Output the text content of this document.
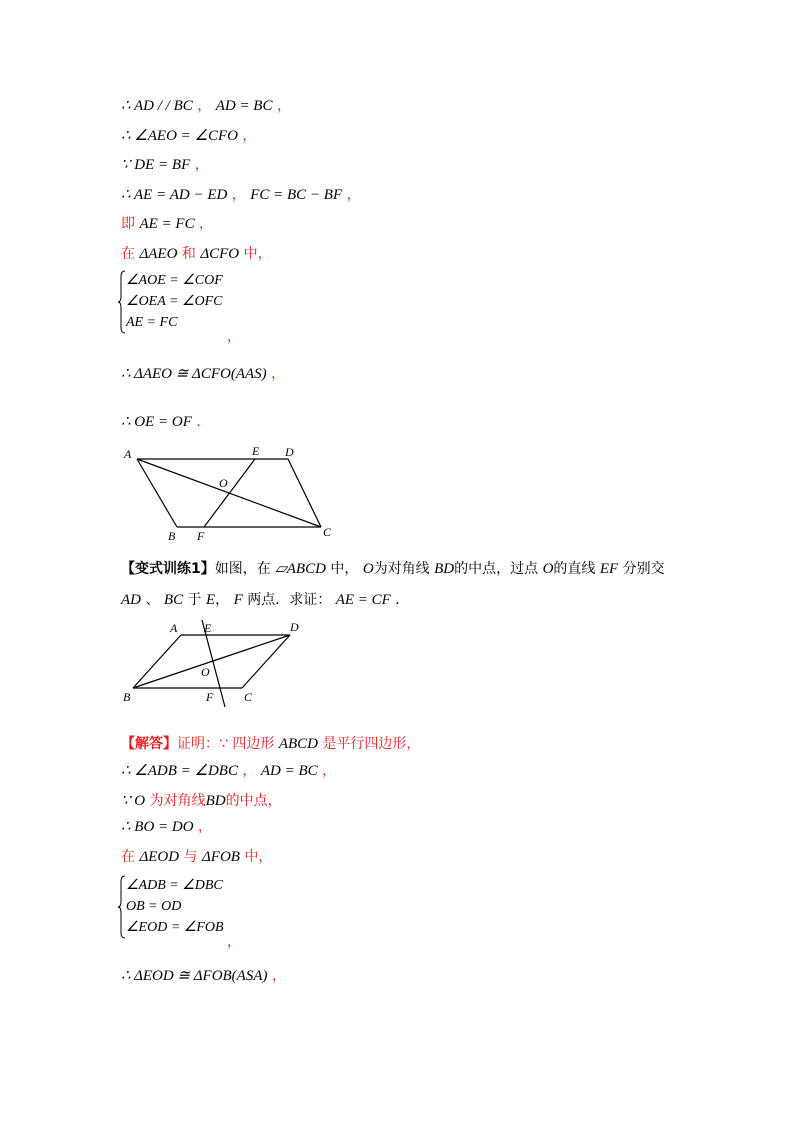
∴ AD / / BC ， AD = BC ，
∴ ∠AEO = ∠CFO ，
∵ DE = BF ，
∴ AE = AD − ED ， FC = BC − BF ，
即 AE = FC ，
在 ΔAEO 和 ΔCFO 中，
∠AOE = ∠COF
∠OEA = ∠OFC
AE = FC
，
∴ ΔAEO ≅ ΔCFO(AAS) ，
∴ OE = OF ．
A	E D
O
B F	C
【变式训练1】如图，在 ▱ABCD 中， O为对角线 BD的中点，过点 O的直线 EF 分别交
AD 、 BC 于 E， F 两点．求证： AE = CF ．
A E	D
O
B	F	C
【解答】证明：∵ 四边形 ABCD 是平行四边形，
∴ ∠ADB = ∠DBC ， AD = BC ，
∵ O 为对角线BD的中点，
∴ BO = DO ，
在 ΔEOD 与 ΔFOB 中，
∠ADB = ∠DBC
OB = OD
∠EOD = ∠FOB
，
∴ ΔEOD ≅ ΔFOB(ASA) ，
